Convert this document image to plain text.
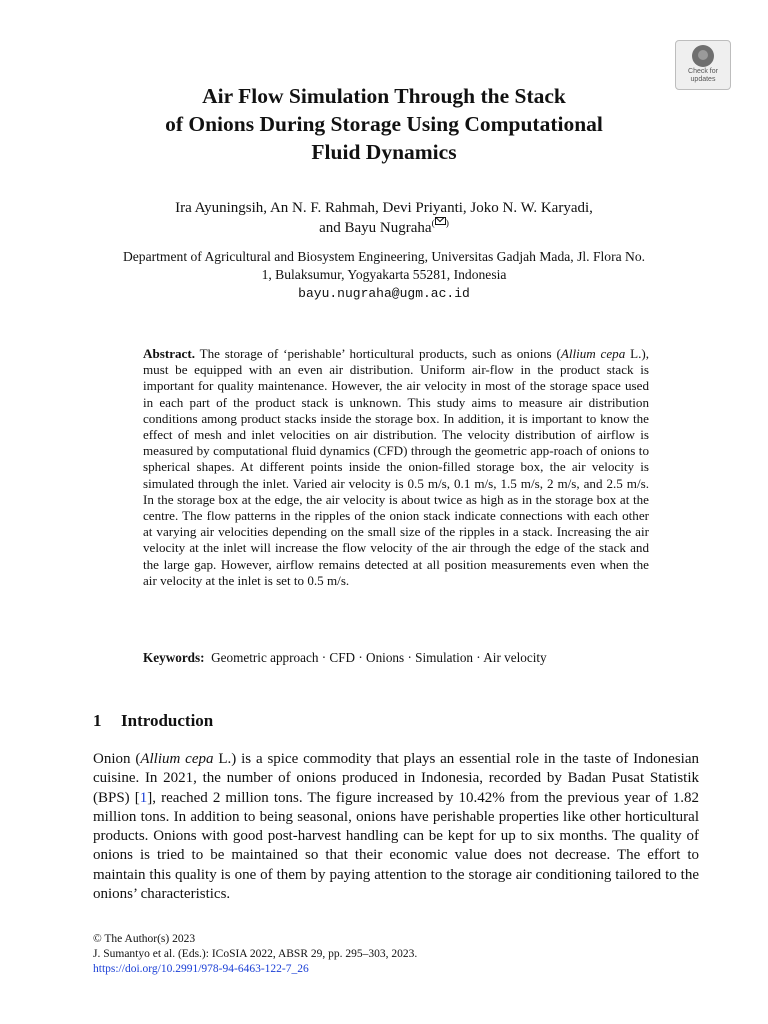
Check for
updates
Air Flow Simulation Through the Stack
of Onions During Storage Using Computational
Fluid Dynamics
Ira Ayuningsih, An N. F. Rahmah, Devi Priyanti, Joko N. W. Karyadi,
and Bayu Nugraha( )
Department of Agricultural and Biosystem Engineering, Universitas Gadjah Mada, Jl. Flora No.
1, Bulaksumur, Yogyakarta 55281, Indonesia
bayu.nugraha@ugm.ac.id

Abstract. The storage of ‘perishable’ horticultural products, such as onions (Allium cepa L.), must be equipped with an even air distribution. Uniform air-flow in the product stack is important for quality maintenance. However, the air velocity in most of the storage space used in each part of the product stack is unknown. This study aims to measure air distribution conditions among product stacks inside the storage box. In addition, it is important to know the effect of mesh and inlet velocities on air distribution. The velocity distribution of airflow is measured by computational fluid dynamics (CFD) through the geometric app-roach of onions to spherical shapes. At different points inside the onion-filled storage box, the air velocity is simulated through the inlet. Varied air velocity is 0.5 m/s, 0.1 m/s, 1.5 m/s, 2 m/s, and 2.5 m/s. In the storage box at the edge, the air velocity is about twice as high as in the storage box at the centre. The flow patterns in the ripples of the onion stack indicate connections with each other at varying air velocities depending on the small size of the ripples in a stack. Increasing the air velocity at the inlet will increase the flow velocity of the air through the edge of the stack and the large gap. However, airflow remains detected at all position measurements even when the air velocity at the inlet is set to 0.5 m/s.

Keywords: Geometric approach · CFD · Onions · Simulation · Air velocity
1 Introduction

Onion (Allium cepa L.) is a spice commodity that plays an essential role in the taste of Indonesian cuisine. In 2021, the number of onions produced in Indonesia, recorded by Badan Pusat Statistik (BPS) [1], reached 2 million tons. The figure increased by 10.42% from the previous year of 1.82 million tons. In addition to being seasonal, onions have perishable properties like other horticultural products. Onions with good post-harvest handling can be kept for up to six months. The quality of onions is tried to be maintained so that their economic value does not decrease. The effort to maintain this quality is one of them by paying attention to the storage air conditioning tailored to the onions’ characteristics.

© The Author(s) 2023
J. Sumantyo et al. (Eds.): ICoSIA 2022, ABSR 29, pp. 295–303, 2023.
https://doi.org/10.2991/978-94-6463-122-7_26
